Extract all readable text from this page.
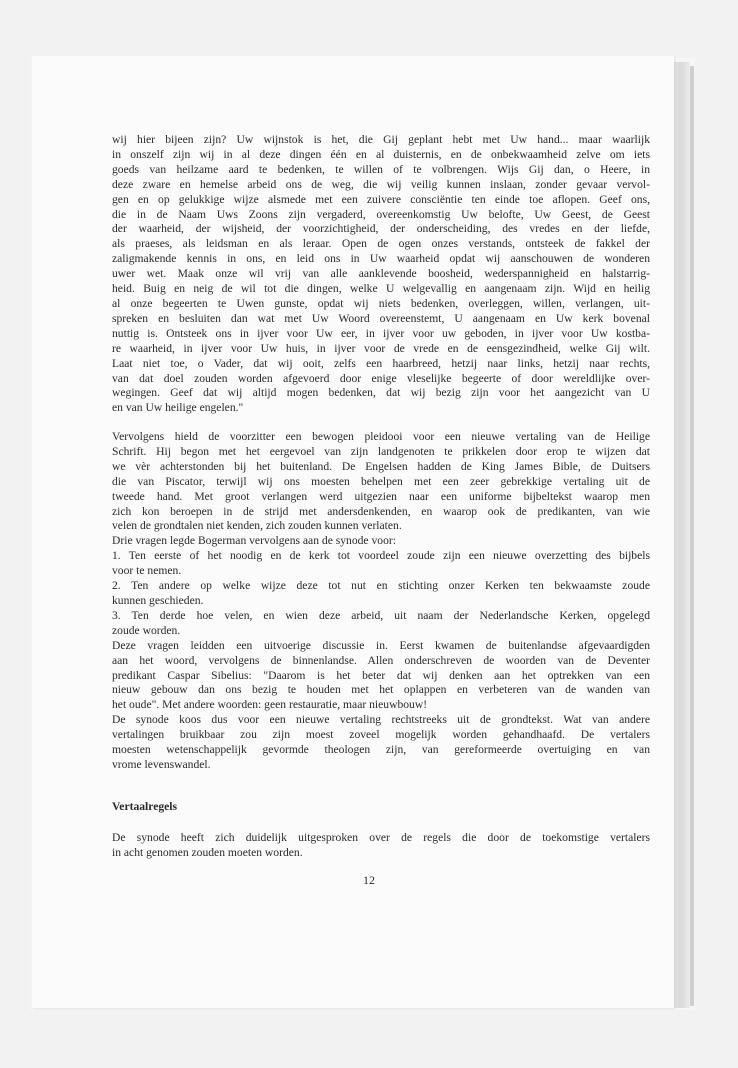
wij hier bijeen zijn? Uw wijnstok is het, die Gij geplant hebt met Uw hand... maar waarlijk
in onszelf zijn wij in al deze dingen één en al duisternis, en de onbekwaamheid zelve om iets
goeds van heilzame aard te bedenken, te willen of te volbrengen. Wijs Gij dan, o Heere, in
deze zware en hemelse arbeid ons de weg, die wij veilig kunnen inslaan, zonder gevaar vervol-
gen en op gelukkige wijze alsmede met een zuivere consciëntie ten einde toe aflopen. Geef ons,
die in de Naam Uws Zoons zijn vergaderd, overeenkomstig Uw belofte, Uw Geest, de Geest
der waarheid, der wijsheid, der voorzichtigheid, der onderscheiding, des vredes en der liefde,
als praeses, als leidsman en als leraar. Open de ogen onzes verstands, ontsteek de fakkel der
zaligmakende kennis in ons, en leid ons in Uw waarheid opdat wij aanschouwen de wonderen
uwer wet. Maak onze wil vrij van alle aanklevende boosheid, wederspannigheid en halstarrig-
heid. Buig en neig de wil tot die dingen, welke U welgevallig en aangenaam zijn. Wijd en heilig
al onze begeerten te Uwen gunste, opdat wij niets bedenken, overleggen, willen, verlangen, uit-
spreken en besluiten dan wat met Uw Woord overeenstemt, U aangenaam en Uw kerk bovenal
nuttig is. Ontsteek ons in ijver voor Uw eer, in ijver voor uw geboden, in ijver voor Uw kostba-
re waarheid, in ijver voor Uw huis, in ijver voor de vrede en de eensgezindheid, welke Gij wilt.
Laat niet toe, o Vader, dat wij ooit, zelfs een haarbreed, hetzij naar links, hetzij naar rechts,
van dat doel zouden worden afgevoerd door enige vleselijke begeerte of door wereldlijke over-
wegingen. Geef dat wij altijd mogen bedenken, dat wij bezig zijn voor het aangezicht van U
en van Uw heilige engelen."
Vervolgens hield de voorzitter een bewogen pleidooi voor een nieuwe vertaling van de Heilige
Schrift. Hij begon met het eergevoel van zijn landgenoten te prikkelen door erop te wijzen dat
we vèr achterstonden bij het buitenland. De Engelsen hadden de King James Bible, de Duitsers
die van Piscator, terwijl wij ons moesten behelpen met een zeer gebrekkige vertaling uit de
tweede hand. Met groot verlangen werd uitgezien naar een uniforme bijbeltekst waarop men
zich kon beroepen in de strijd met andersdenkenden, en waarop ook de predikanten, van wie
velen de grondtalen niet kenden, zich zouden kunnen verlaten.
Drie vragen legde Bogerman vervolgens aan de synode voor:
1. Ten eerste of het noodig en de kerk tot voordeel zoude zijn een nieuwe overzetting des bijbels
voor te nemen.
2. Ten andere op welke wijze deze tot nut en stichting onzer Kerken ten bekwaamste zoude
kunnen geschieden.
3. Ten derde hoe velen, en wien deze arbeid, uit naam der Nederlandsche Kerken, opgelegd
zoude worden.
Deze vragen leidden een uitvoerige discussie in. Eerst kwamen de buitenlandse afgevaardigden
aan het woord, vervolgens de binnenlandse. Allen onderschreven de woorden van de Deventer
predikant Caspar Sibelius: "Daarom is het beter dat wij denken aan het optrekken van een
nieuw gebouw dan ons bezig te houden met het oplappen en verbeteren van de wanden van
het oude". Met andere woorden: geen restauratie, maar nieuwbouw!
De synode koos dus voor een nieuwe vertaling rechtstreeks uit de grondtekst. Wat van andere
vertalingen bruikbaar zou zijn moest zoveel mogelijk worden gehandhaafd. De vertalers
moesten wetenschappelijk gevormde theologen zijn, van gereformeerde overtuiging en van
vrome levenswandel.
Vertaalregels
De synode heeft zich duidelijk uitgesproken over de regels die door de toekomstige vertalers
in acht genomen zouden moeten worden.
12
